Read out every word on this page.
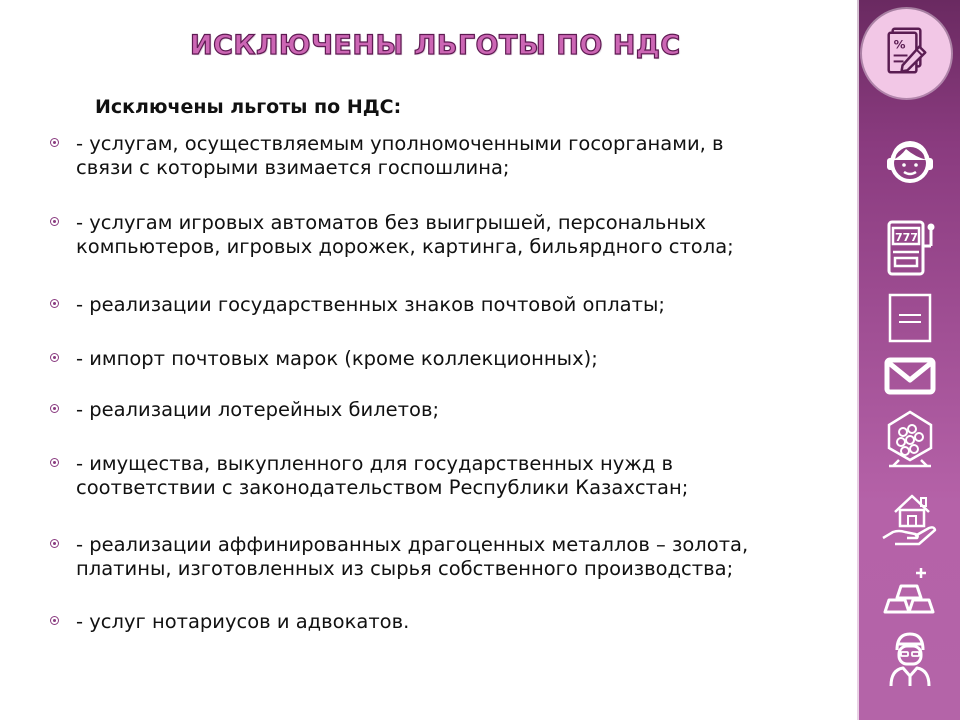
ИСКЛЮЧЕНЫ ЛЬГОТЫ ПО НДС
Исключены льготы по НДС:
- услугам, осуществляемым уполномоченными госорганами, в
связи с которыми взимается госпошлина;
- услугам игровых автоматов без выигрышей, персональных
компьютеров, игровых дорожек, картинга, бильярдного стола;
- реализации государственных знаков почтовой оплаты;
- импорт почтовых марок (кроме коллекционных);
- реализации лотерейных билетов;
- имущества, выкупленного для государственных нужд в
соответствии с законодательством Республики Казахстан;
- реализации аффинированных драгоценных металлов – золота,
платины, изготовленных из сырья собственного производства;
- услуг нотариусов и адвокатов.
%
777
